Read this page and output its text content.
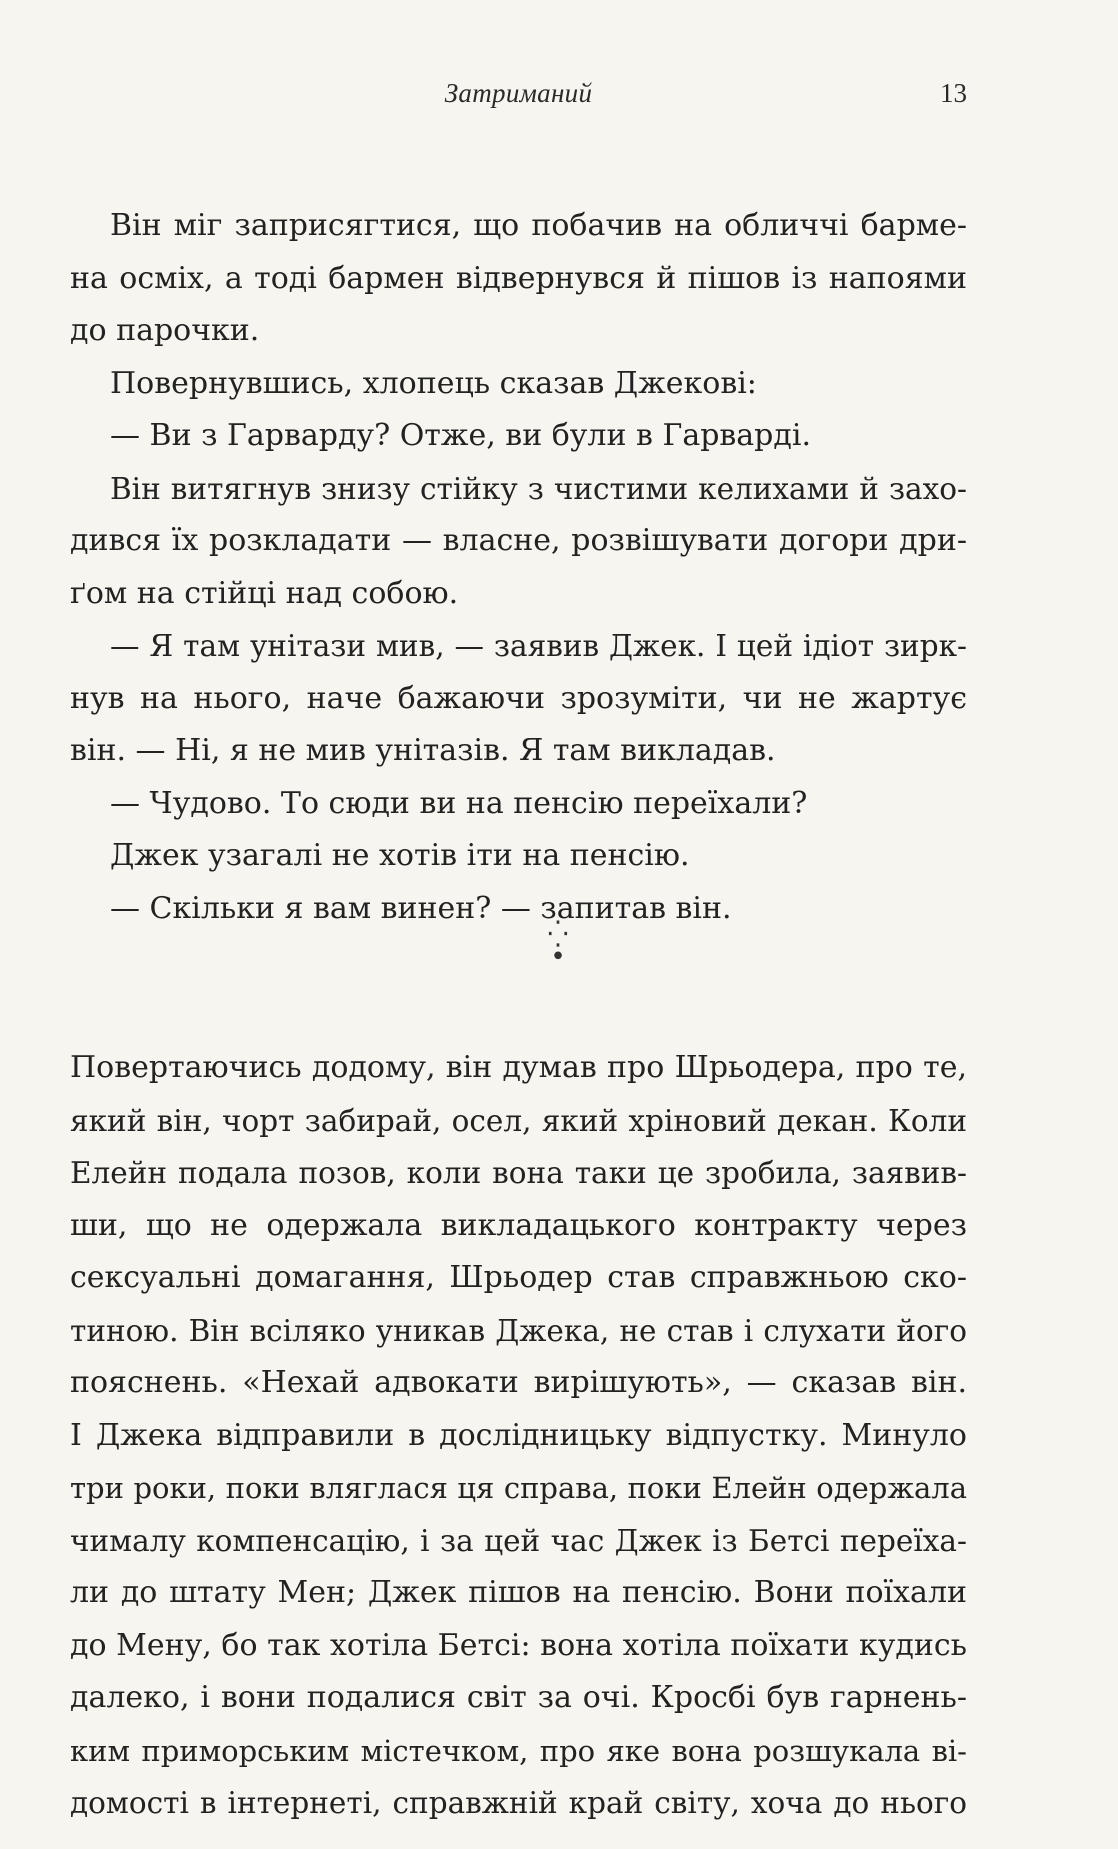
Затриманий	13
Він міг заприсягтися, що побачив на обличчі барме-
на осміх, а тоді бармен відвернувся й пішов із напоями
до парочки.
Повернувшись, хлопець сказав Джекові:
— Ви з Гарварду? Отже, ви були в Гарварді.
Він витягнув знизу стійку з чистими келихами й захо-
дився їх розкладати — власне, розвішувати догори дри-
ґом на стійці над собою.
— Я там унітази мив, — заявив Джек. І цей ідіот зирк-
нув на нього, наче бажаючи зрозуміти, чи не жартує
він. — Ні, я не мив унітазів. Я там викладав.
— Чудово. То сюди ви на пенсію переїхали?
Джек узагалі не хотів іти на пенсію.
— Скільки я вам винен? — запитав він.
⁛
•
Повертаючись додому, він думав про Шрьодера, про те,
який він, чорт забирай, осел, який хріновий декан. Коли
Елейн подала позов, коли вона таки це зробила, заявив-
ши, що не одержала викладацького контракту через
сексуальні домагання, Шрьодер став справжньою ско-
тиною. Він всіляко уникав Джека, не став і слухати його
пояснень. «Нехай адвокати вирішують», — сказав він.
І Джека відправили в дослідницьку відпустку. Минуло
три роки, поки вляглася ця справа, поки Елейн одержала
чималу компенсацію, і за цей час Джек із Бетсі переїха-
ли до штату Мен; Джек пішов на пенсію. Вони поїхали
до Мену, бо так хотіла Бетсі: вона хотіла поїхати кудись
далеко, і вони подалися світ за очі. Кросбі був гарнень-
ким приморським містечком, про яке вона розшукала ві-
домості в інтернеті, справжній край світу, хоча до нього
